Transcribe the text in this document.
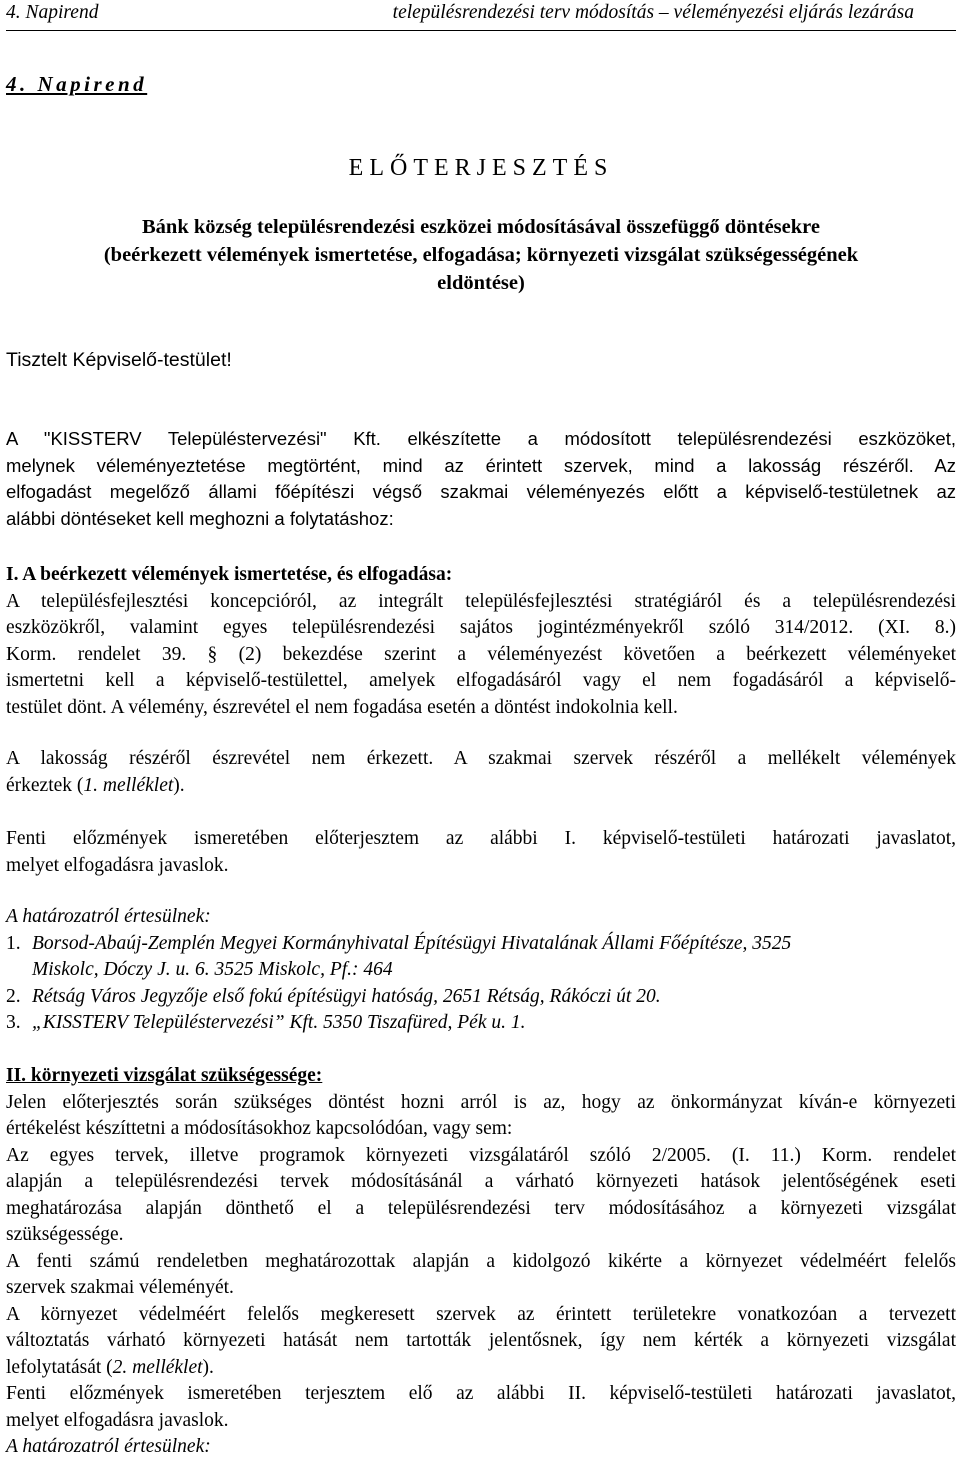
4. Napirend	településrendezési terv módosítás – véleményezési eljárás lezárása
4. Napirend
ELŐTERJESZTÉS
Bánk község településrendezési eszközei módosításával összefüggő döntésekre
(beérkezett vélemények ismertetése, elfogadása; környezeti vizsgálat szükségességének
eldöntése)
Tisztelt Képviselő-testület!
A "KISSTERV Településtervezési" Kft. elkészítette a módosított településrendezési eszközöket,
melynek véleményeztetése megtörtént, mind az érintett szervek, mind a lakosság részéről. Az
elfogadást megelőző állami főépítészi végső szakmai véleményezés előtt a képviselő-testületnek az
alábbi döntéseket kell meghozni a folytatáshoz:
I. A beérkezett vélemények ismertetése, és elfogadása:
A településfejlesztési koncepcióról, az integrált településfejlesztési stratégiáról és a településrendezési
eszközökről, valamint egyes településrendezési sajátos jogintézményekről szóló 314/2012. (XI. 8.)
Korm. rendelet 39. § (2) bekezdése szerint a véleményezést követően a beérkezett véleményeket
ismertetni kell a képviselő-testülettel, amelyek elfogadásáról vagy el nem fogadásáról a képviselő-
testület dönt. A vélemény, észrevétel el nem fogadása esetén a döntést indokolnia kell.
A lakosság részéről észrevétel nem érkezett. A szakmai szervek részéről a mellékelt vélemények
érkeztek (1. melléklet).
Fenti előzmények ismeretében előterjesztem az alábbi I. képviselő-testületi határozati javaslatot,
melyet elfogadásra javaslok.
A határozatról értesülnek:
1. Borsod-Abaúj-Zemplén Megyei Kormányhivatal Építésügyi Hivatalának Állami Főépítésze, 3525
Miskolc, Dóczy J. u. 6. 3525 Miskolc, Pf.: 464
2. Rétság Város Jegyzője első fokú építésügyi hatóság, 2651 Rétság, Rákóczi út 20.
3. „KISSTERV Településtervezési” Kft. 5350 Tiszafüred, Pék u. 1.
II. környezeti vizsgálat szükségessége:
Jelen előterjesztés során szükséges döntést hozni arról is az, hogy az önkormányzat kíván-e környezeti
értékelést készíttetni a módosításokhoz kapcsolódóan, vagy sem:
Az egyes tervek, illetve programok környezeti vizsgálatáról szóló 2/2005. (I. 11.) Korm. rendelet
alapján a településrendezési tervek módosításánál a várható környezeti hatások jelentőségének eseti
meghatározása alapján dönthető el a településrendezési terv módosításához a környezeti vizsgálat
szükségessége.
A fenti számú rendeletben meghatározottak alapján a kidolgozó kikérte a környezet védelméért felelős
szervek szakmai véleményét.
A környezet védelméért felelős megkeresett szervek az érintett területekre vonatkozóan a tervezett
változtatás várható környezeti hatását nem tartották jelentősnek, így nem kérték a környezeti vizsgálat
lefolytatását (2. melléklet).
Fenti előzmények ismeretében terjesztem elő az alábbi II. képviselő-testületi határozati javaslatot,
melyet elfogadásra javaslok.
A határozatról értesülnek:
